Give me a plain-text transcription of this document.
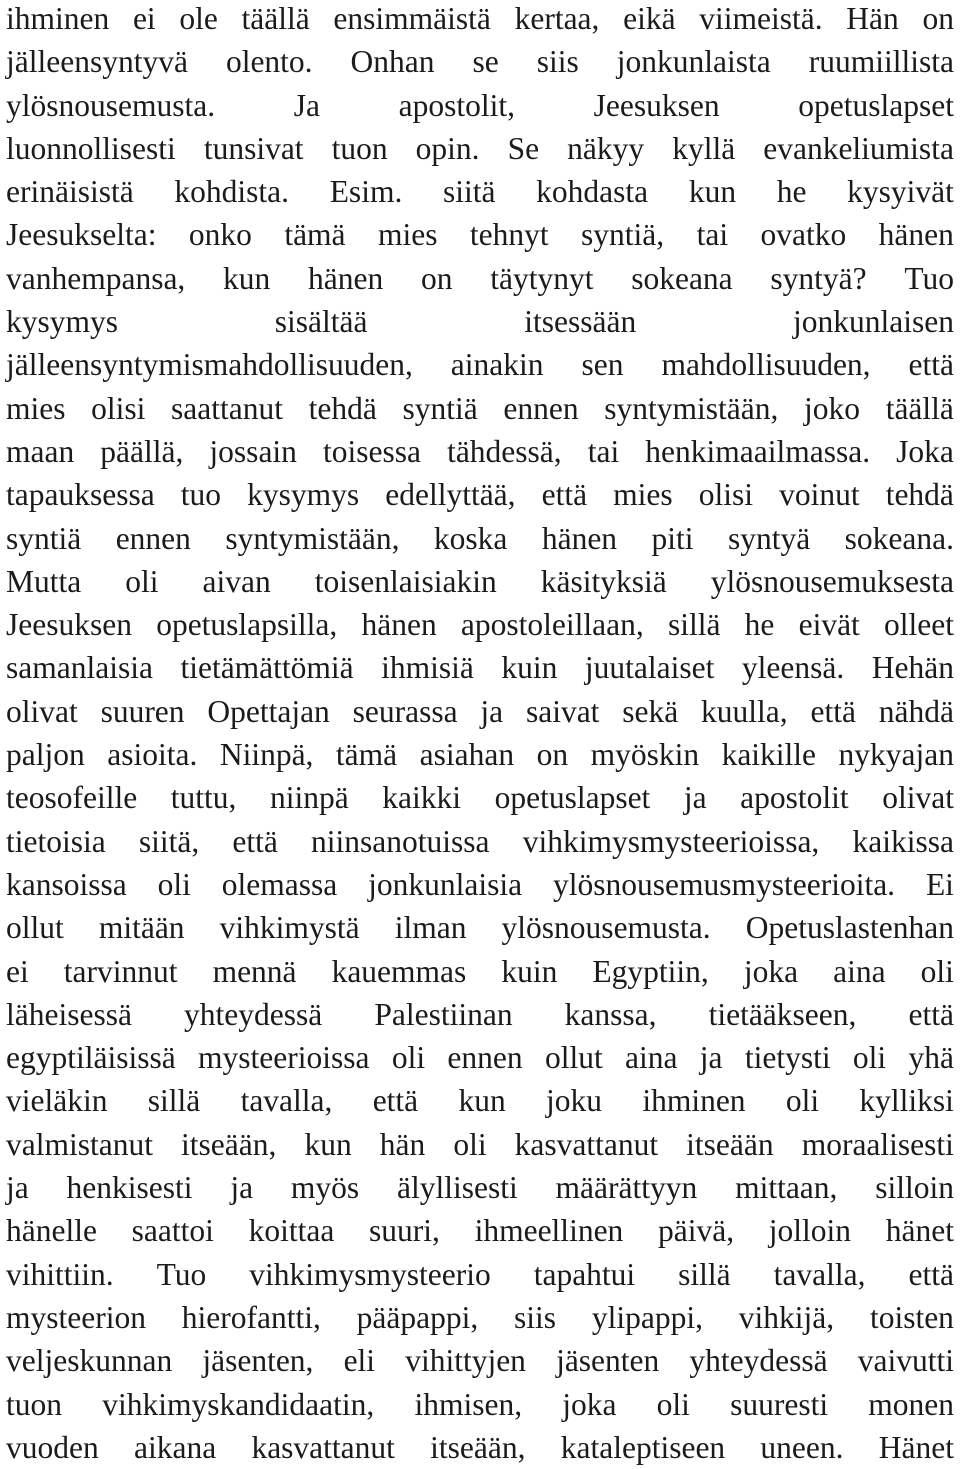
ihminen ei ole täällä ensimmäistä kertaa, eikä viimeistä. Hän on
jälleensyntyvä olento. Onhan se siis jonkunlaista ruumiillista
ylösnousemusta. Ja apostolit, Jeesuksen opetuslapset
luonnollisesti tunsivat tuon opin. Se näkyy kyllä evankeliumista
erinäisistä kohdista. Esim. siitä kohdasta kun he kysyivät
Jeesukselta: onko tämä mies tehnyt syntiä, tai ovatko hänen
vanhempansa, kun hänen on täytynyt sokeana syntyä? Tuo
kysymys	sisältää	itsessään	jonkunlaisen
jälleensyntymismahdollisuuden, ainakin sen mahdollisuuden, että
mies olisi saattanut tehdä syntiä ennen syntymistään, joko täällä
maan päällä, jossain toisessa tähdessä, tai henkimaailmassa. Joka
tapauksessa tuo kysymys edellyttää, että mies olisi voinut tehdä
syntiä ennen syntymistään, koska hänen piti syntyä sokeana.
Mutta oli aivan toisenlaisiakin käsityksiä ylösnousemuksesta
Jeesuksen opetuslapsilla, hänen apostoleillaan, sillä he eivät olleet
samanlaisia tietämättömiä ihmisiä kuin juutalaiset yleensä. Hehän
olivat suuren Opettajan seurassa ja saivat sekä kuulla, että nähdä
paljon asioita. Niinpä, tämä asiahan on myöskin kaikille nykyajan
teosofeille tuttu, niinpä kaikki opetuslapset ja apostolit olivat
tietoisia siitä, että niinsanotuissa vihkimysmysteerioissa, kaikissa
kansoissa oli olemassa jonkunlaisia ylösnousemusmysteerioita. Ei
ollut mitään vihkimystä ilman ylösnousemusta. Opetuslastenhan
ei tarvinnut mennä kauemmas kuin Egyptiin, joka aina oli
läheisessä yhteydessä Palestiinan kanssa, tietääkseen, että
egyptiläisissä mysteerioissa oli ennen ollut aina ja tietysti oli yhä
vieläkin sillä tavalla, että kun joku ihminen oli kylliksi
valmistanut itseään, kun hän oli kasvattanut itseään moraalisesti
ja henkisesti ja myös älyllisesti määrättyyn mittaan, silloin
hänelle saattoi koittaa suuri, ihmeellinen päivä, jolloin hänet
vihittiin. Tuo vihkimysmysteerio tapahtui sillä tavalla, että
mysteerion hierofantti, pääpappi, siis ylipappi, vihkijä, toisten
veljeskunnan jäsenten, eli vihittyjen jäsenten yhteydessä vaivutti
tuon vihkimyskandidaatin, ihmisen, joka oli suuresti monen
vuoden aikana kasvattanut itseään, kataleptiseen uneen. Hänet
